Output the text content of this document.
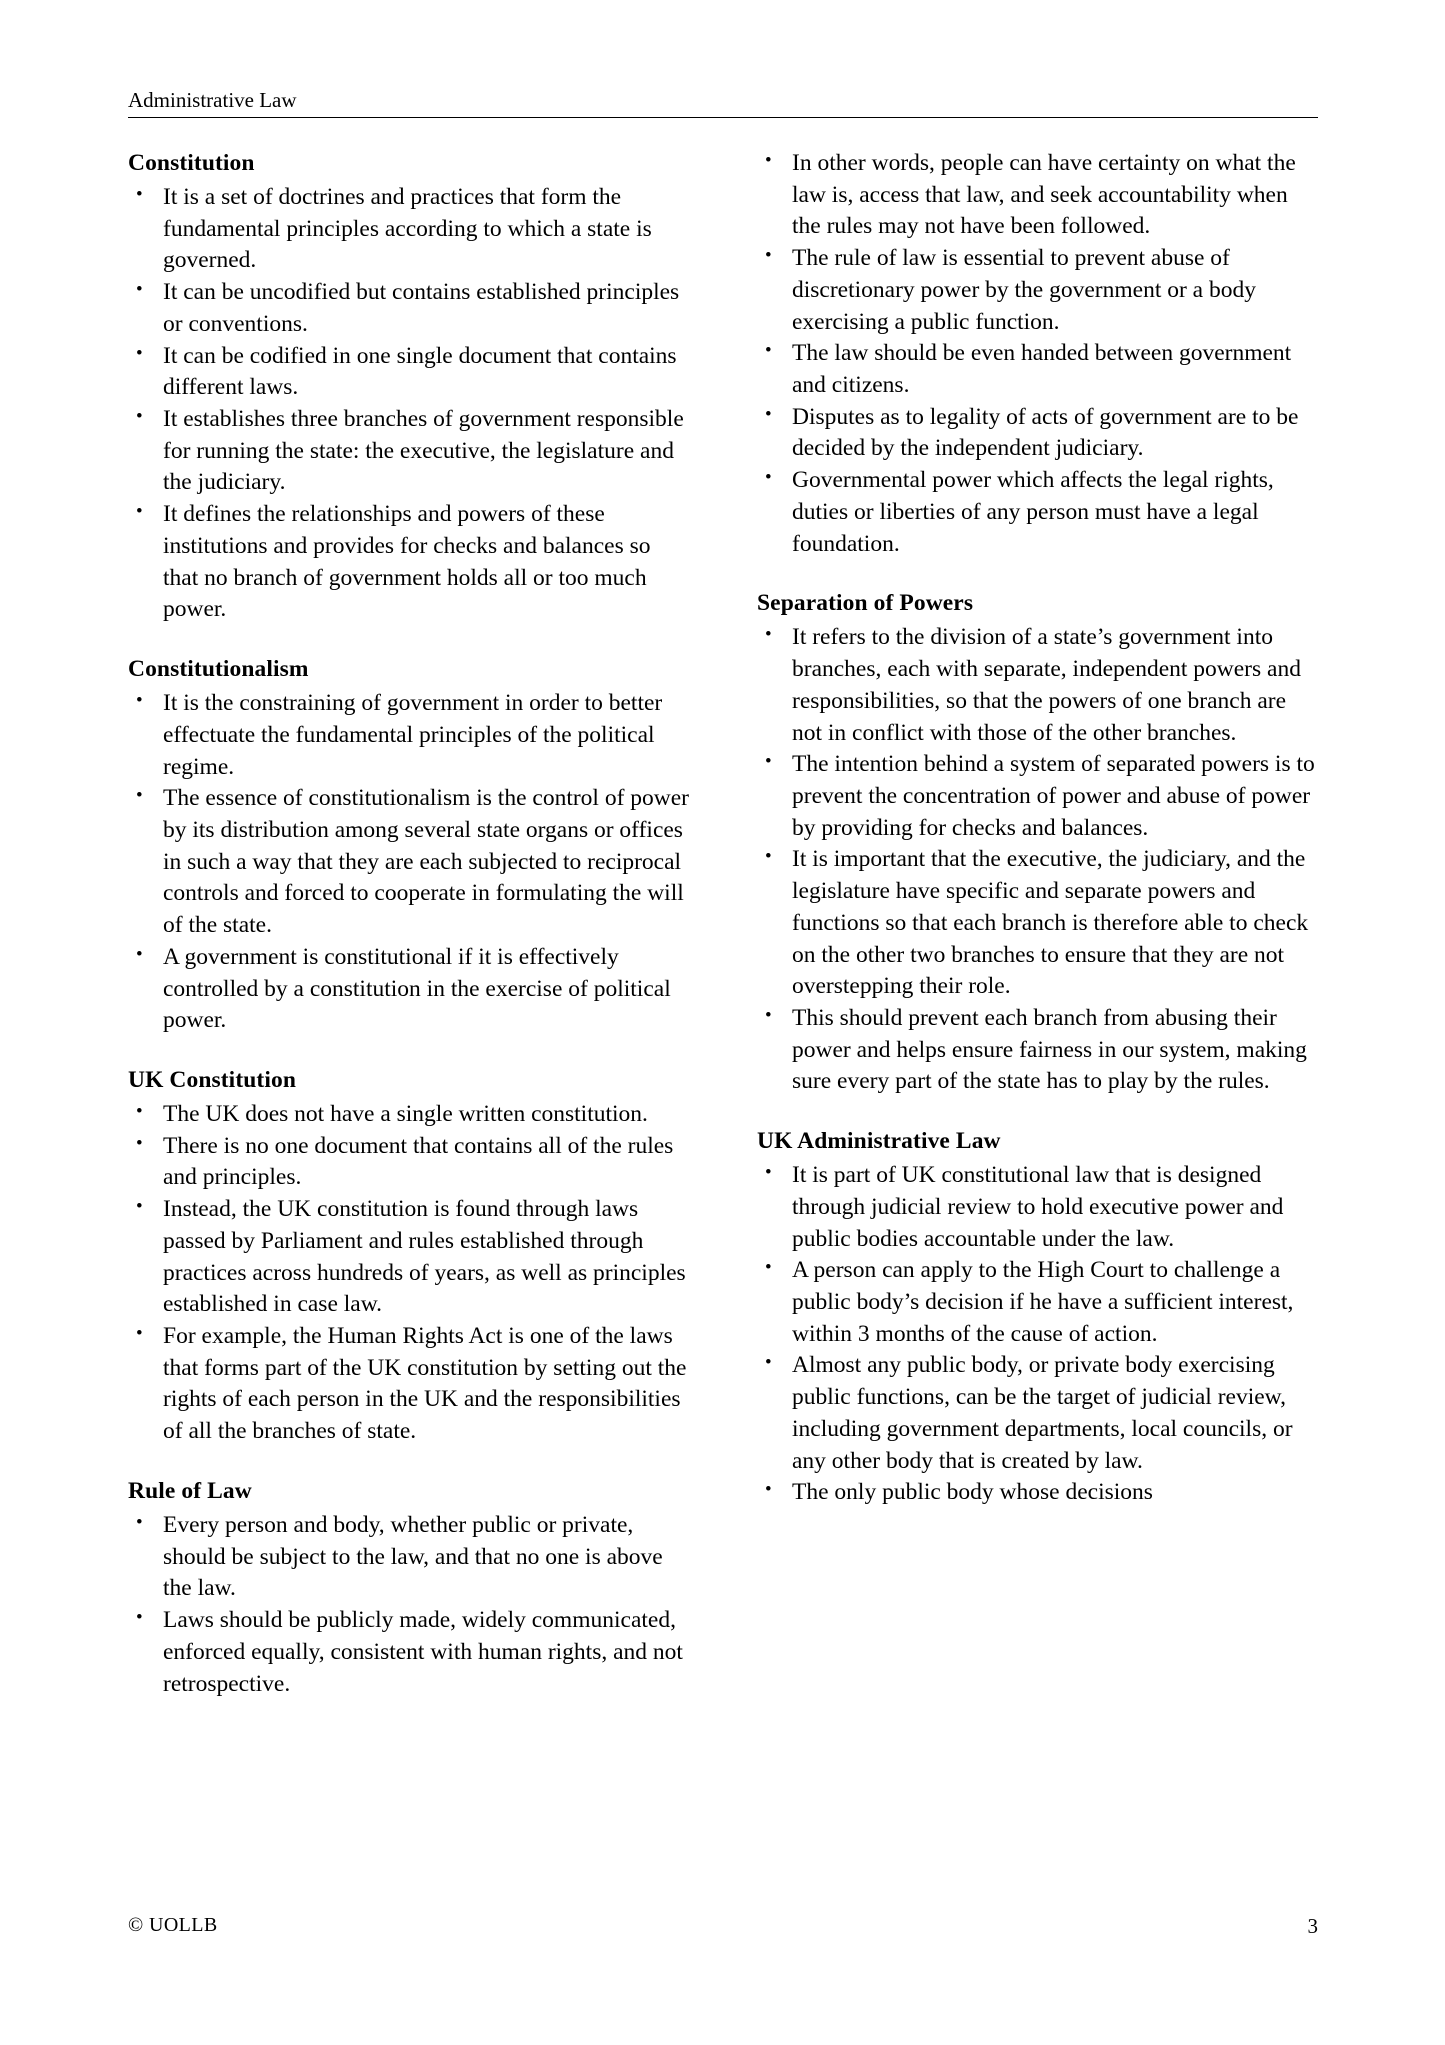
Administrative Law
Constitution
• It is a set of doctrines and practices that form the fundamental principles according to which a state is governed.
• It can be uncodified but contains established principles or conventions.
• It can be codified in one single document that contains different laws.
• It establishes three branches of government responsible for running the state: the executive, the legislature and the judiciary.
• It defines the relationships and powers of these institutions and provides for checks and balances so that no branch of government holds all or too much power.
Constitutionalism
• It is the constraining of government in order to better effectuate the fundamental principles of the political regime.
• The essence of constitutionalism is the control of power by its distribution among several state organs or offices in such a way that they are each subjected to reciprocal controls and forced to cooperate in formulating the will of the state.
• A government is constitutional if it is effectively controlled by a constitution in the exercise of political power.
UK Constitution
• The UK does not have a single written constitution.
• There is no one document that contains all of the rules and principles.
• Instead, the UK constitution is found through laws passed by Parliament and rules established through practices across hundreds of years, as well as principles established in case law.
• For example, the Human Rights Act is one of the laws that forms part of the UK constitution by setting out the rights of each person in the UK and the responsibilities of all the branches of state.
Rule of Law
• Every person and body, whether public or private, should be subject to the law, and that no one is above the law.
• Laws should be publicly made, widely communicated, enforced equally, consistent with human rights, and not retrospective.
• In other words, people can have certainty on what the law is, access that law, and seek accountability when the rules may not have been followed.
• The rule of law is essential to prevent abuse of discretionary power by the government or a body exercising a public function.
• The law should be even handed between government and citizens.
• Disputes as to legality of acts of government are to be decided by the independent judiciary.
• Governmental power which affects the legal rights, duties or liberties of any person must have a legal foundation.
Separation of Powers
• It refers to the division of a state’s government into branches, each with separate, independent powers and responsibilities, so that the powers of one branch are not in conflict with those of the other branches.
• The intention behind a system of separated powers is to prevent the concentration of power and abuse of power by providing for checks and balances.
• It is important that the executive, the judiciary, and the legislature have specific and separate powers and functions so that each branch is therefore able to check on the other two branches to ensure that they are not overstepping their role.
• This should prevent each branch from abusing their power and helps ensure fairness in our system, making sure every part of the state has to play by the rules.
UK Administrative Law
• It is part of UK constitutional law that is designed through judicial review to hold executive power and public bodies accountable under the law.
• A person can apply to the High Court to challenge a public body’s decision if he have a sufficient interest, within 3 months of the cause of action.
• Almost any public body, or private body exercising public functions, can be the target of judicial review, including government departments, local councils, or any other body that is created by law.
• The only public body whose decisions
© UOLLB	3
